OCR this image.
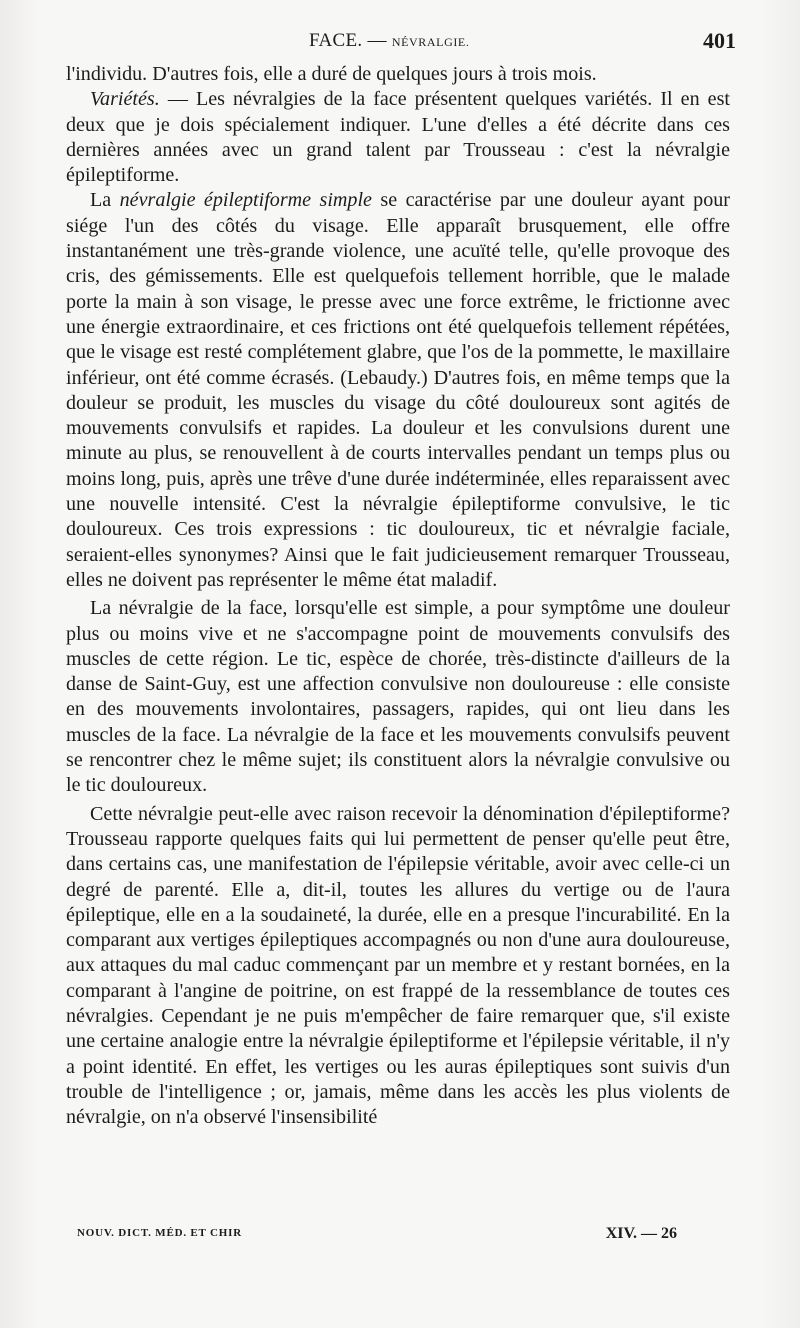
FACE. — NÉVRALGIE.	401

l'individu. D'autres fois, elle a duré de quelques jours à trois mois.

Variétés. — Les névralgies de la face présentent quelques variétés. Il en est deux que je dois spécialement indiquer. L'une d'elles a été décrite dans ces dernières années avec un grand talent par Trousseau : c'est la névralgie épileptiforme.

La névralgie épileptiforme simple se caractérise par une douleur ayant pour siége l'un des côtés du visage. Elle apparaît brusquement, elle offre instantanément une très-grande violence, une acuïté telle, qu'elle provoque des cris, des gémissements. Elle est quelquefois tellement horrible, que le malade porte la main à son visage, le presse avec une force extrême, le frictionne avec une énergie extraordinaire, et ces frictions ont été quelquefois tellement répétées, que le visage est resté complétement glabre, que l'os de la pommette, le maxillaire inférieur, ont été comme écrasés. (Lebaudy.) D'autres fois, en même temps que la douleur se produit, les muscles du visage du côté douloureux sont agités de mouvements convulsifs et rapides. La douleur et les convulsions durent une minute au plus, se renouvellent à de courts intervalles pendant un temps plus ou moins long, puis, après une trêve d'une durée indéterminée, elles reparaissent avec une nouvelle intensité. C'est la névralgie épileptiforme convulsive, le tic douloureux. Ces trois expressions : tic douloureux, tic et névralgie faciale, seraient-elles synonymes? Ainsi que le fait judicieusement remarquer Trousseau, elles ne doivent pas représenter le même état maladif.

La névralgie de la face, lorsqu'elle est simple, a pour symptôme une douleur plus ou moins vive et ne s'accompagne point de mouvements convulsifs des muscles de cette région. Le tic, espèce de chorée, très-distincte d'ailleurs de la danse de Saint-Guy, est une affection convulsive non douloureuse : elle consiste en des mouvements involontaires, passagers, rapides, qui ont lieu dans les muscles de la face. La névralgie de la face et les mouvements convulsifs peuvent se rencontrer chez le même sujet; ils constituent alors la névralgie convulsive ou le tic douloureux.

Cette névralgie peut-elle avec raison recevoir la dénomination d'épileptiforme? Trousseau rapporte quelques faits qui lui permettent de penser qu'elle peut être, dans certains cas, une manifestation de l'épilepsie véritable, avoir avec celle-ci un degré de parenté. Elle a, dit-il, toutes les allures du vertige ou de l'aura épileptique, elle en a la soudaineté, la durée, elle en a presque l'incurabilité. En la comparant aux vertiges épileptiques accompagnés ou non d'une aura douloureuse, aux attaques du mal caduc commençant par un membre et y restant bornées, en la comparant à l'angine de poitrine, on est frappé de la ressemblance de toutes ces névralgies. Cependant je ne puis m'empêcher de faire remarquer que, s'il existe une certaine analogie entre la névralgie épileptiforme et l'épilepsie véritable, il n'y a point identité. En effet, les vertiges ou les auras épileptiques sont suivis d'un trouble de l'intelligence ; or, jamais, même dans les accès les plus violents de névralgie, on n'a observé l'insensibilité

NOUV. DICT. MÉD. ET CHIR	XIV. — 26
